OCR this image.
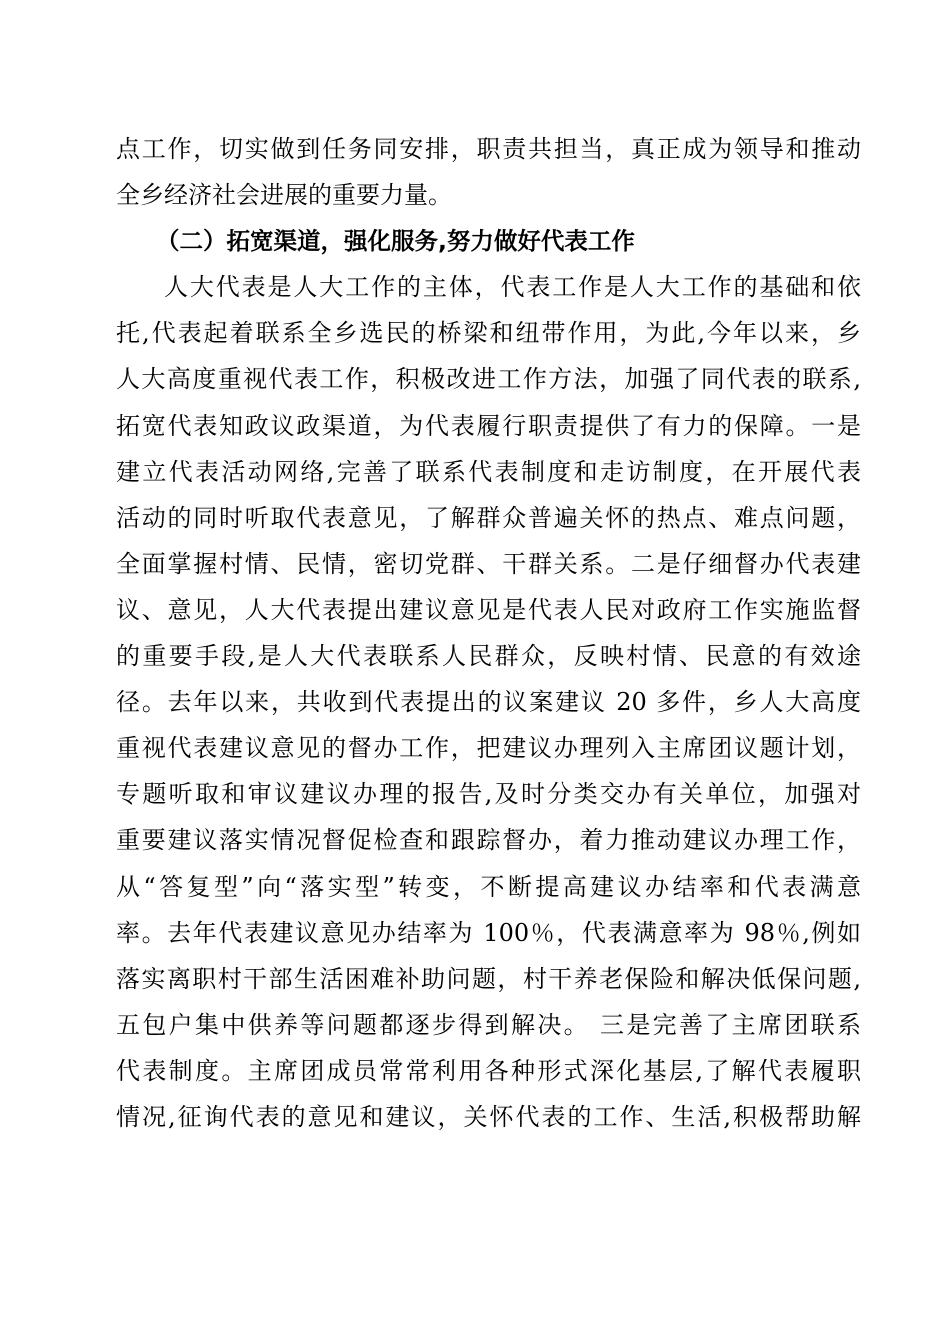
点工作，切实做到任务同安排，职责共担当，真正成为领导和推动
全乡经济社会进展的重要力量。
（二）拓宽渠道，强化服务,努力做好代表工作
人大代表是人大工作的主体，代表工作是人大工作的基础和依
托,代表起着联系全乡选民的桥梁和纽带作用，为此,今年以来，乡
人大高度重视代表工作，积极改进工作方法，加强了同代表的联系,
拓宽代表知政议政渠道，为代表履行职责提供了有力的保障。一是
建立代表活动网络,完善了联系代表制度和走访制度，在开展代表
活动的同时听取代表意见，了解群众普遍关怀的热点、难点问题，
全面掌握村情、民情，密切党群、干群关系。二是仔细督办代表建
议、意见，人大代表提出建议意见是代表人民对政府工作实施监督
的重要手段,是人大代表联系人民群众，反映村情、民意的有效途
径。去年以来，共收到代表提出的议案建议 20 多件，乡人大高度
重视代表建议意见的督办工作，把建议办理列入主席团议题计划，
专题听取和审议建议办理的报告,及时分类交办有关单位，加强对
重要建议落实情况督促检查和跟踪督办，着力推动建议办理工作，
从“答复型”向“落实型”转变，不断提高建议办结率和代表满意
率。去年代表建议意见办结率为 100％，代表满意率为 98％,例如
落实离职村干部生活困难补助问题，村干养老保险和解决低保问题,
五包户集中供养等问题都逐步得到解决。 三是完善了主席团联系
代表制度。主席团成员常常利用各种形式深化基层,了解代表履职
情况,征询代表的意见和建议，关怀代表的工作、生活,积极帮助解
